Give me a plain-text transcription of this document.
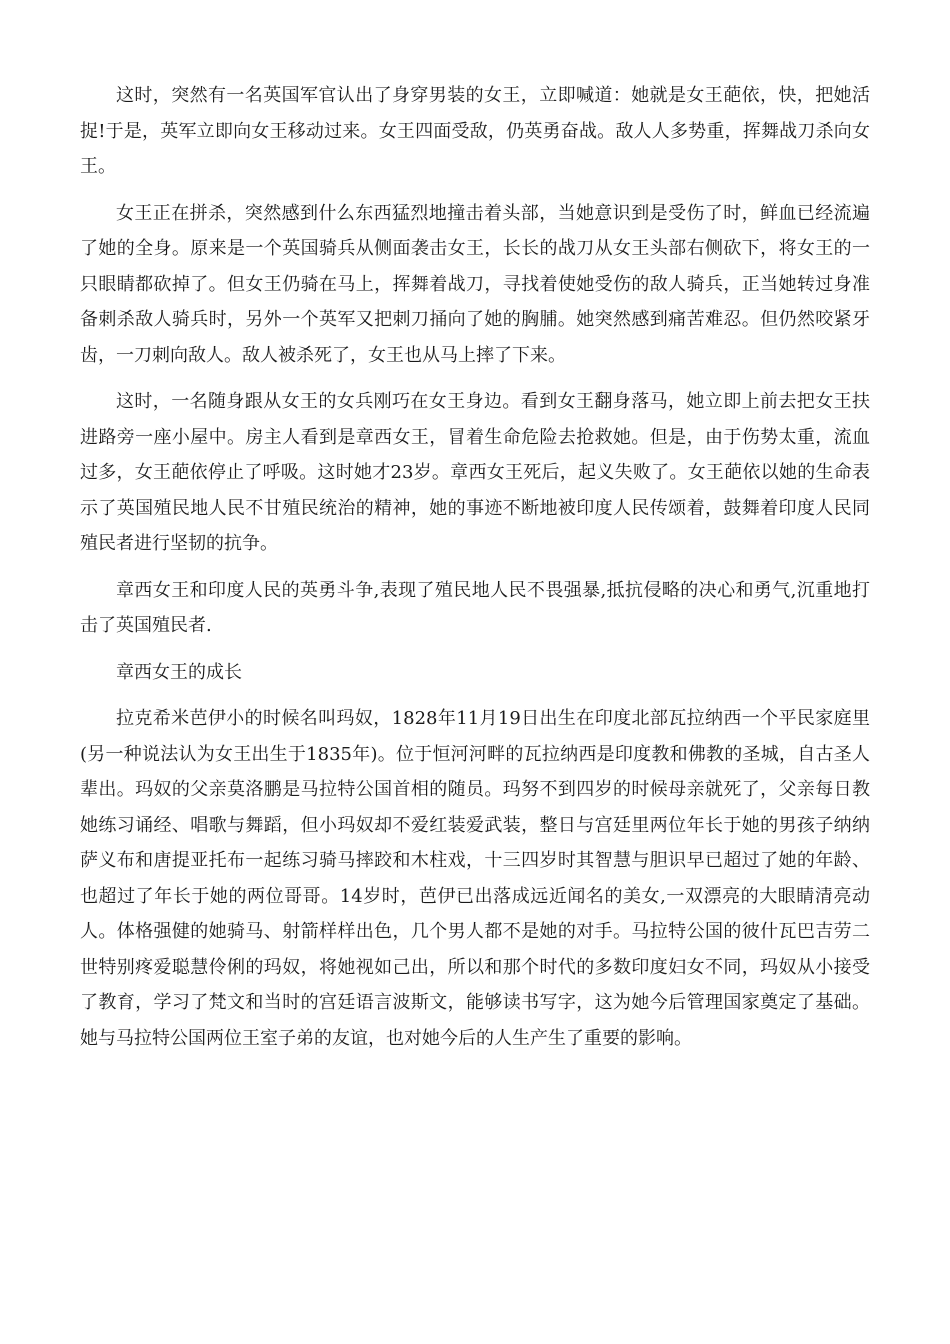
这时，突然有一名英国军官认出了身穿男装的女王，立即喊道：她就是女王葩依，快，把她活捉!于是，英军立即向女王移动过来。女王四面受敌，仍英勇奋战。敌人人多势重，挥舞战刀杀向女王。

女王正在拼杀，突然感到什么东西猛烈地撞击着头部，当她意识到是受伤了时，鲜血已经流遍了她的全身。原来是一个英国骑兵从侧面袭击女王，长长的战刀从女王头部右侧砍下，将女王的一只眼睛都砍掉了。但女王仍骑在马上，挥舞着战刀，寻找着使她受伤的敌人骑兵，正当她转过身准备刺杀敌人骑兵时，另外一个英军又把刺刀捅向了她的胸脯。她突然感到痛苦难忍。但仍然咬紧牙齿，一刀刺向敌人。敌人被杀死了，女王也从马上摔了下来。

这时，一名随身跟从女王的女兵刚巧在女王身边。看到女王翻身落马，她立即上前去把女王扶进路旁一座小屋中。房主人看到是章西女王，冒着生命危险去抢救她。但是，由于伤势太重，流血过多，女王葩依停止了呼吸。这时她才23岁。章西女王死后，起义失败了。女王葩依以她的生命表示了英国殖民地人民不甘殖民统治的精神，她的事迹不断地被印度人民传颂着，鼓舞着印度人民同殖民者进行坚韧的抗争。

章西女王和印度人民的英勇斗争,表现了殖民地人民不畏强暴,抵抗侵略的决心和勇气,沉重地打击了英国殖民者.

章西女王的成长

拉克希米芭伊小的时候名叫玛奴，1828年11月19日出生在印度北部瓦拉纳西一个平民家庭里(另一种说法认为女王出生于1835年)。位于恒河河畔的瓦拉纳西是印度教和佛教的圣城，自古圣人辈出。玛奴的父亲莫洛鹏是马拉特公国首相的随员。玛努不到四岁的时候母亲就死了，父亲每日教她练习诵经、唱歌与舞蹈，但小玛奴却不爱红装爱武装，整日与宫廷里两位年长于她的男孩子纳纳萨义布和唐提亚托布一起练习骑马摔跤和木柱戏，十三四岁时其智慧与胆识早已超过了她的年龄、也超过了年长于她的两位哥哥。14岁时，芭伊已出落成远近闻名的美女,一双漂亮的大眼睛清亮动人。体格强健的她骑马、射箭样样出色，几个男人都不是她的对手。马拉特公国的彼什瓦巴吉劳二世特别疼爱聪慧伶俐的玛奴，将她视如己出，所以和那个时代的多数印度妇女不同，玛奴从小接受了教育，学习了梵文和当时的宫廷语言波斯文，能够读书写字，这为她今后管理国家奠定了基础。她与马拉特公国两位王室子弟的友谊，也对她今后的人生产生了重要的影响。
